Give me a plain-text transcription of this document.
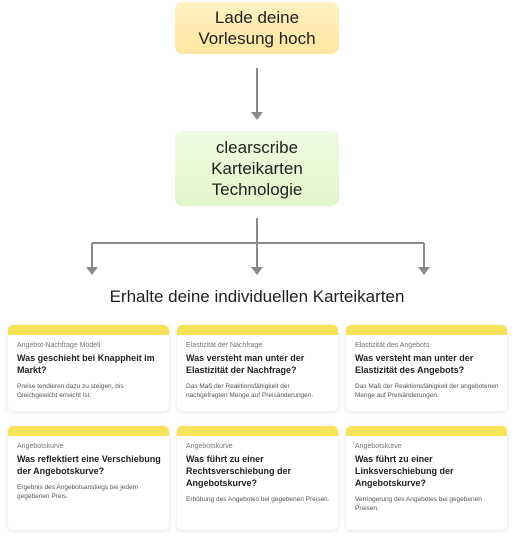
Lade deine
Vorlesung hoch
clearscribe
Karteikarten
Technologie
Erhalte deine individuellen Karteikarten
Angebot-Nachfrage Modell
Was geschieht bei Knappheit im Markt?
Preise tendieren dazu zu steigen, bis Gleichgewicht erreicht ist.
Elastizität der Nachfrage
Was versteht man unter der Elastizität der Nachfrage?
Das Maß der Reaktionsfähigkeit der nachgefragten Menge auf Preisänderungen.
Elastizität des Angebots
Was versteht man unter der Elastizität des Angebots?
Das Maß der Reaktionsfähigkeit der angebotenen Menge auf Preisänderungen.
Angebotskurve
Was reflektiert eine Verschiebung der Angebotskurve?
Ergebnis des Angebotsanstiegs bei jedem gegebenen Preis.
Angebotskurve
Was führt zu einer Rechtsverschiebung der Angebotskurve?
Erhöhung des Angebotes bei gegebenen Preisen.
Angebotskurve
Was führt zu einer Linksverschiebung der Angebotskurve?
Verringerung des Angebotes bei gegebenen Preisen.
